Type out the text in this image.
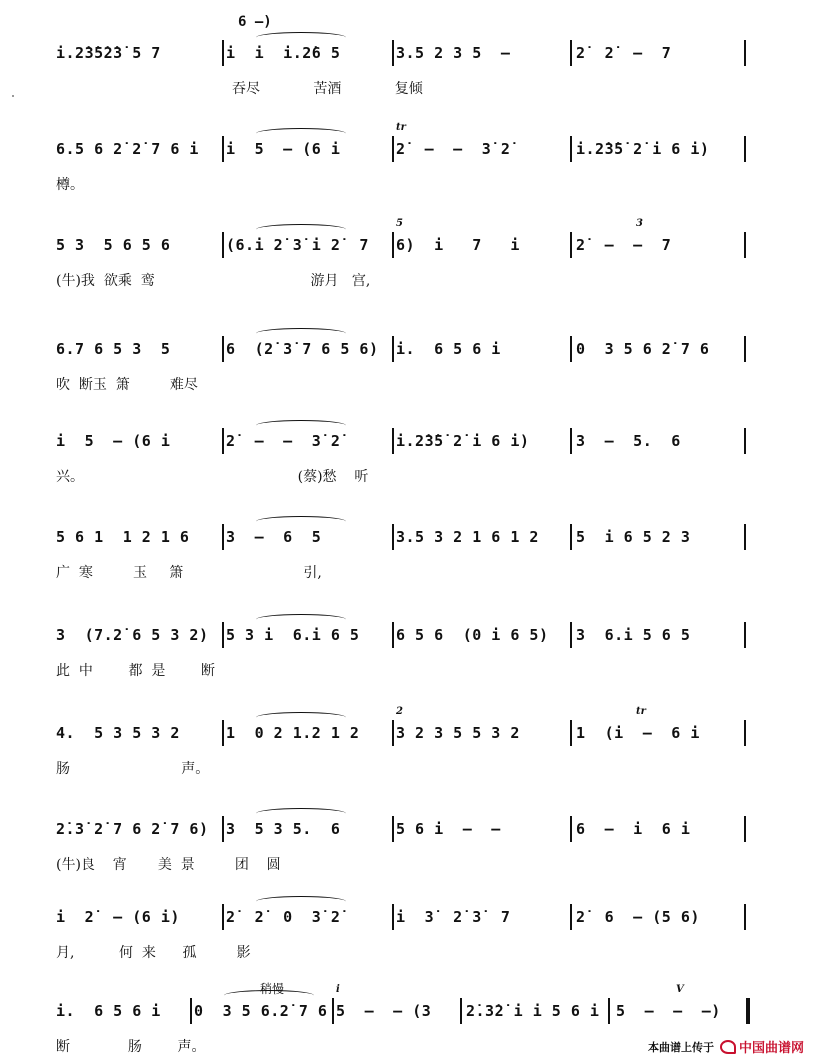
6 –)
i.2̇3̇5̇2̇3̇ 5 7	i  i  i.2̇6 5	3.5 2 3 5  –	2̇  2̇  –  7
吞尽            苦酒            复倾
6.5 6 2̇ 2̇ 7 6 i i  5  – (6 i	2̇  –  –  3̇ 2̇	i.2̇3̇5̇ 2̇ i 6 i)
樽。
tr
5 3  5 6 5 6	(6.i 2̇ 3̇ i 2̇  7 6)  i   7   i	2̇  –  –  7
(牛)我  欲乘  鸾                                   游月   宫,
5	3
6.7 6 5 3  5	6  (2̇ 3̇ 7 6 5 6) i.  6 5 6 i	0  3 5 6 2̇ 7 6
吹  断玉  箫         难尽
i  5  – (6 i	2̇  –  –  3̇ 2̇	i.2̇3̇5̇ 2̇ i 6 i)	3  –  5.  6
兴。                                                (蔡)愁    听
5 6 1  1 2 1 6 3  –  6  5	3.5 3 2 1 6 1 2 5  i 6 5 2 3
广  寒         玉     箫                           引,
3  (7.2̇ 6 5 3 2) 5 3 i  6.i 6 5 6 5 6  (0 i 6 5) 3  6.i 5 6 5
此  中        都  是        断
4.  5 3 5 3 2	1  0 2 1.2 1 2 3 2 3 5 5 3 2	1  (i  –  6 i
肠                         声。
2	tr
2̇.3̇ 2̇ 7 6 2̇ 7 6) 3  5 3 5.  6	5 6 i  –  –	6  –  i  6 i
(牛)良    宵       美  景         团    圆
i  2̇  – (6 i)	2̇  2̇  0  3̇ 2̇	i  3̇  2̇ 3̇  7	2̇  6  – (5 6)
月,          何  来      孤         影
i.  6 5 6 i 0  3 5 6.2̇ 7 6 5  –  – (3 2̇.3̇2̇ i i 5 6 i 5  –  –  –)
断             肠        声。
i	V
稍慢
本曲谱上传于 中国曲谱网
